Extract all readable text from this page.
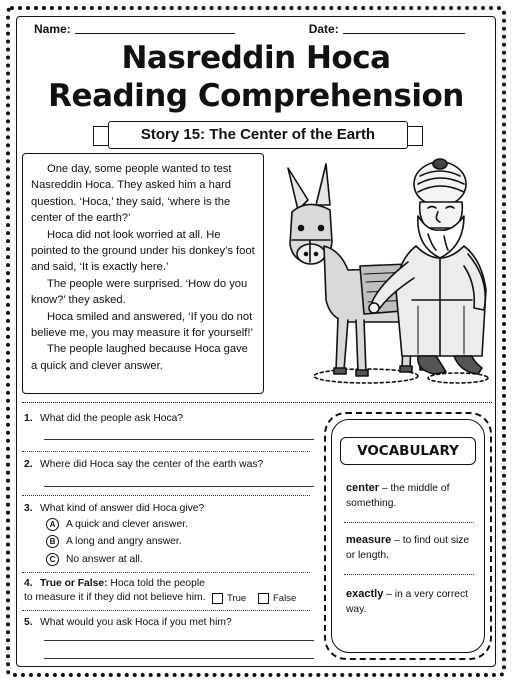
Name:	Date:
Nasreddin Hoca
Reading Comprehension
Story 15: The Center of the Earth

One day, some people wanted to test Nasreddin Hoca. They asked him a hard question. ‘Hoca,’ they said, ‘where is the center of the earth?’

Hoca did not look worried at all. He pointed to the ground under his donkey’s foot and said, ‘It is exactly here.’

The people were surprised. ‘How do you know?’ they asked.

Hoca smiled and answered, ‘If you do not believe me, you may measure it for yourself!’

The people laughed because Hoca gave a quick and clever answer.

1. What did the people ask Hoca?
2. Where did Hoca say the center of the earth was?
3. What kind of answer did Hoca give?
A	A quick and clever answer.
B	A long and angry answer.
C	No answer at all.
4. True or False: Hoca told the people to measure it if they did not believe him.	True	False
5. What would you ask Hoca if you met him?
VOCABULARY
center – the middle of something.
measure – to find out size or length.
exactly – in a very correct way.
